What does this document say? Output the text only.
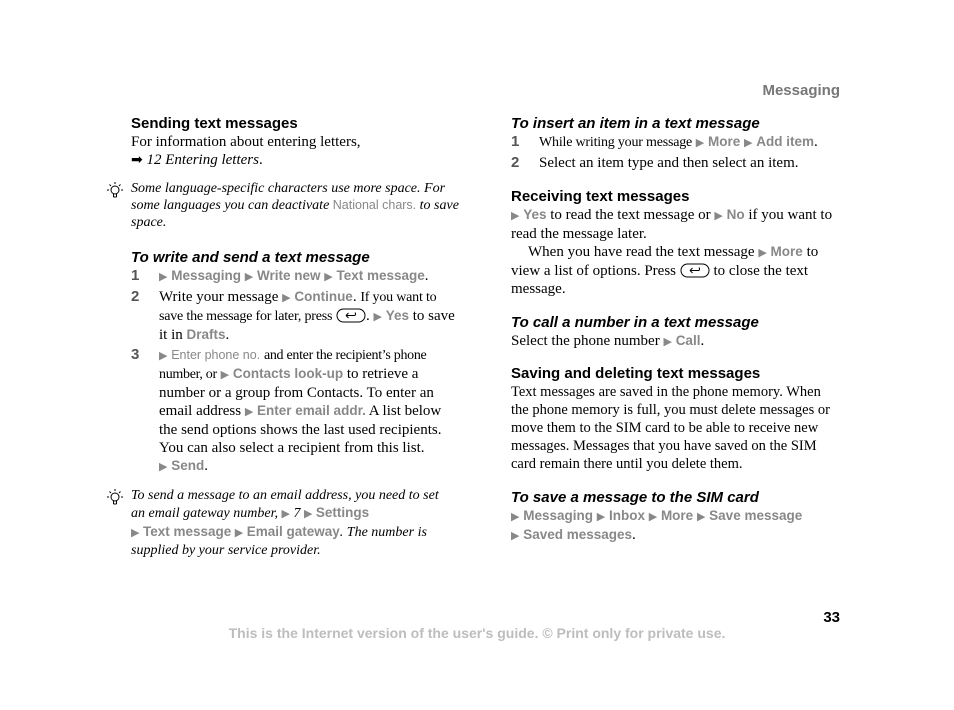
Messaging
Sending text messages

For information about entering letters,
➡ 12 Entering letters.

Some language-specific characters use more space. For some languages you can deactivate National chars. to save space.
To write and send a text message
1 ▶ Messaging ▶ Write new ▶ Text message.
2 Write your message ▶ Continue. If you want to save the message for later, press . ▶ Yes to save it in Drafts.
3 ▶ Enter phone no. and enter the recipient’s phone number, or ▶ Contacts look-up to retrieve a number or a group from Contacts. To enter an email address ▶ Enter email addr. A list below the send options shows the last used recipients. You can also select a recipient from this list.
▶ Send.
To send a message to an email address, you need to set an email gateway number, ▶ 7 ▶ Settings
▶ Text message ▶ Email gateway. The number is supplied by your service provider.
To insert an item in a text message
1 While writing your message ▶ More ▶ Add item.
2 Select an item type and then select an item.
Receiving text messages

▶ Yes to read the text message or ▶ No if you want to read the message later.

When you have read the text message ▶ More to view a list of options. Press	to close the text message.

To call a number in a text message

Select the phone number ▶ Call.

Saving and deleting text messages

Text messages are saved in the phone memory. When the phone memory is full, you must delete messages or move them to the SIM card to be able to receive new messages. Messages that you have saved on the SIM card remain there until you delete them.

To save a message to the SIM card

▶ Messaging ▶ Inbox ▶ More ▶ Save message
▶ Saved messages.

33
This is the Internet version of the user's guide. © Print only for private use.
